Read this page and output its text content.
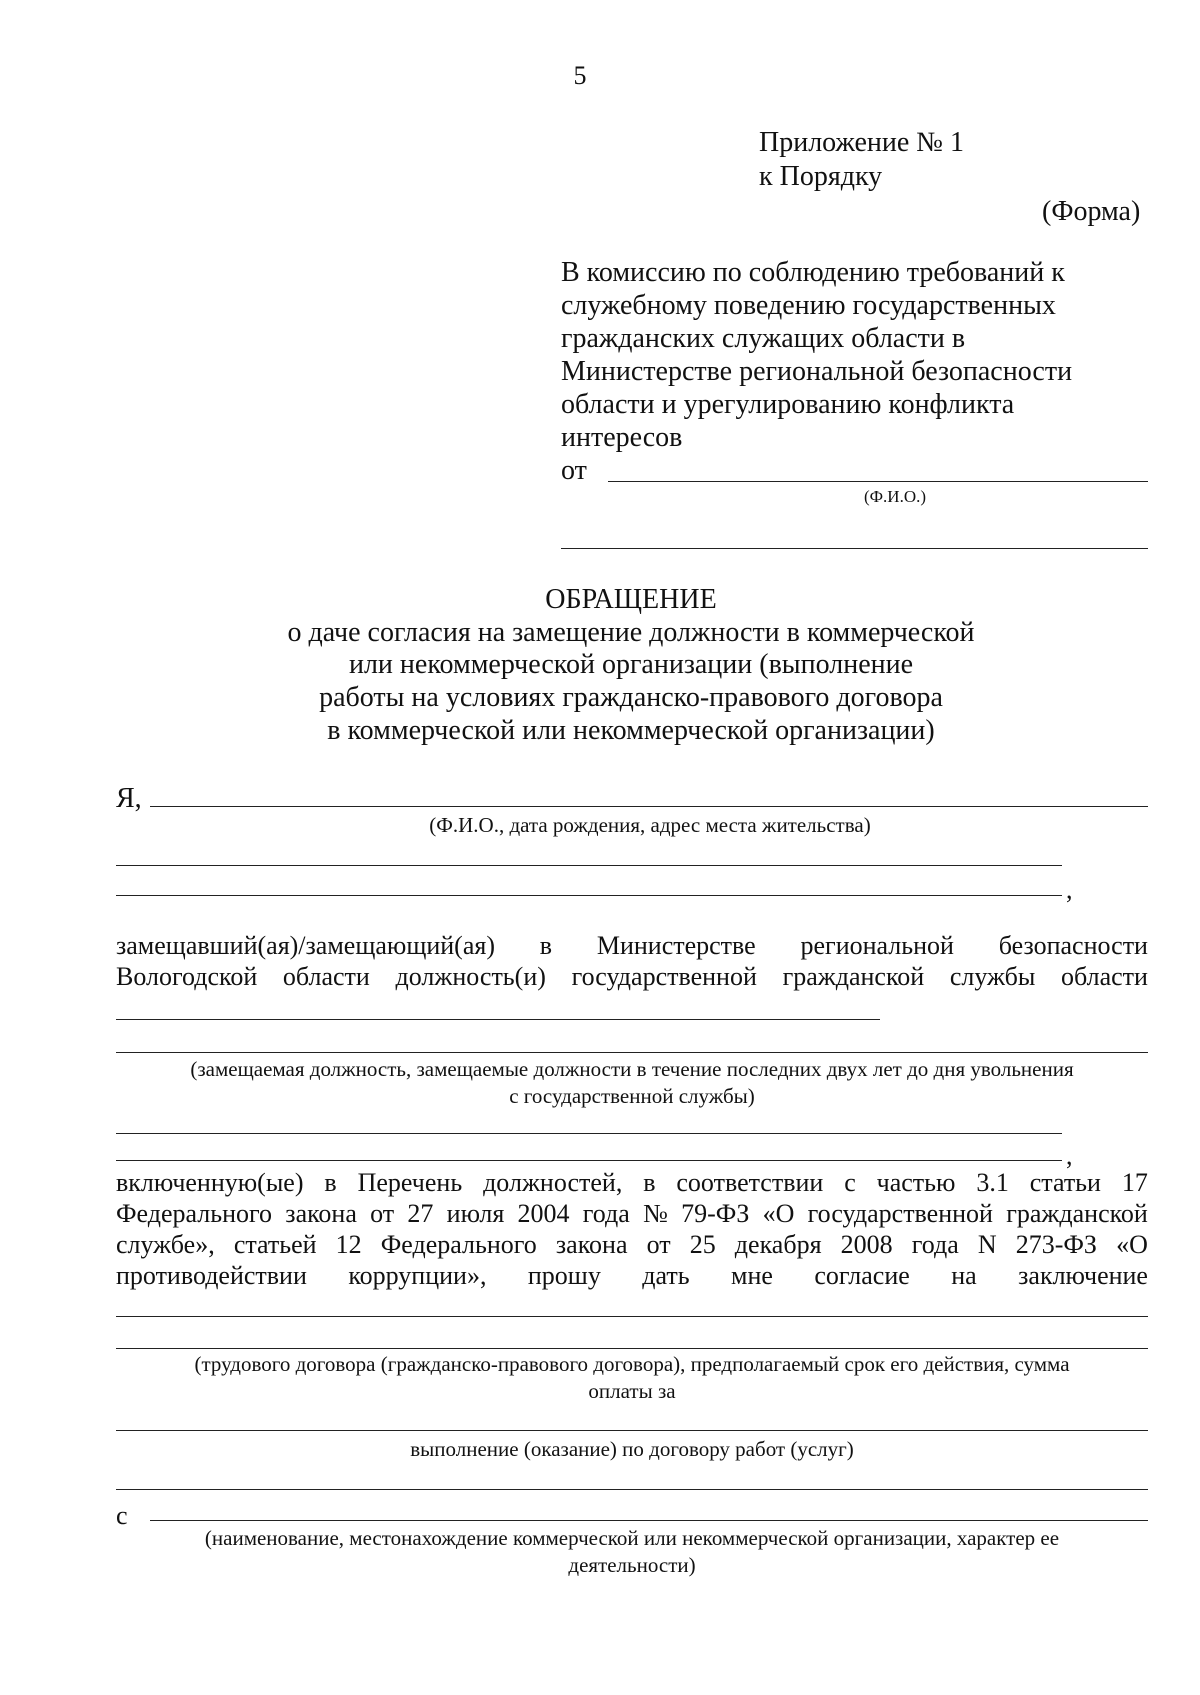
5
Приложение № 1
к Порядку
(Форма)
В комиссию по соблюдению требований к
служебному поведению государственных
гражданских служащих области в
Министерстве региональной безопасности
области и урегулированию конфликта
интересов
от
(Ф.И.О.)
ОБРАЩЕНИЕ
о даче согласия на замещение должности в коммерческой
или некоммерческой организации (выполнение
работы на условиях гражданско-правового договора
в коммерческой или некоммерческой организации)
Я,
(Ф.И.О., дата рождения, адрес места жительства)
,
замещавший(ая)/замещающий(ая) в Министерстве региональной безопасности
Вологодской области должность(и) государственной гражданской службы области
(замещаемая должность, замещаемые должности в течение последних двух лет до дня увольнения
с государственной службы)
,
включенную(ые) в Перечень должностей, в соответствии с частью 3.1 статьи 17
Федерального закона от 27 июля 2004 года № 79-ФЗ «О государственной гражданской
службе», статьей 12 Федерального закона от 25 декабря 2008 года N 273-ФЗ «О
противодействии коррупции», прошу дать мне согласие на заключение
(трудового договора (гражданско-правового договора), предполагаемый срок его действия, сумма
оплаты за
выполнение (оказание) по договору работ (услуг)
с
(наименование, местонахождение коммерческой или некоммерческой организации, характер ее
деятельности)
